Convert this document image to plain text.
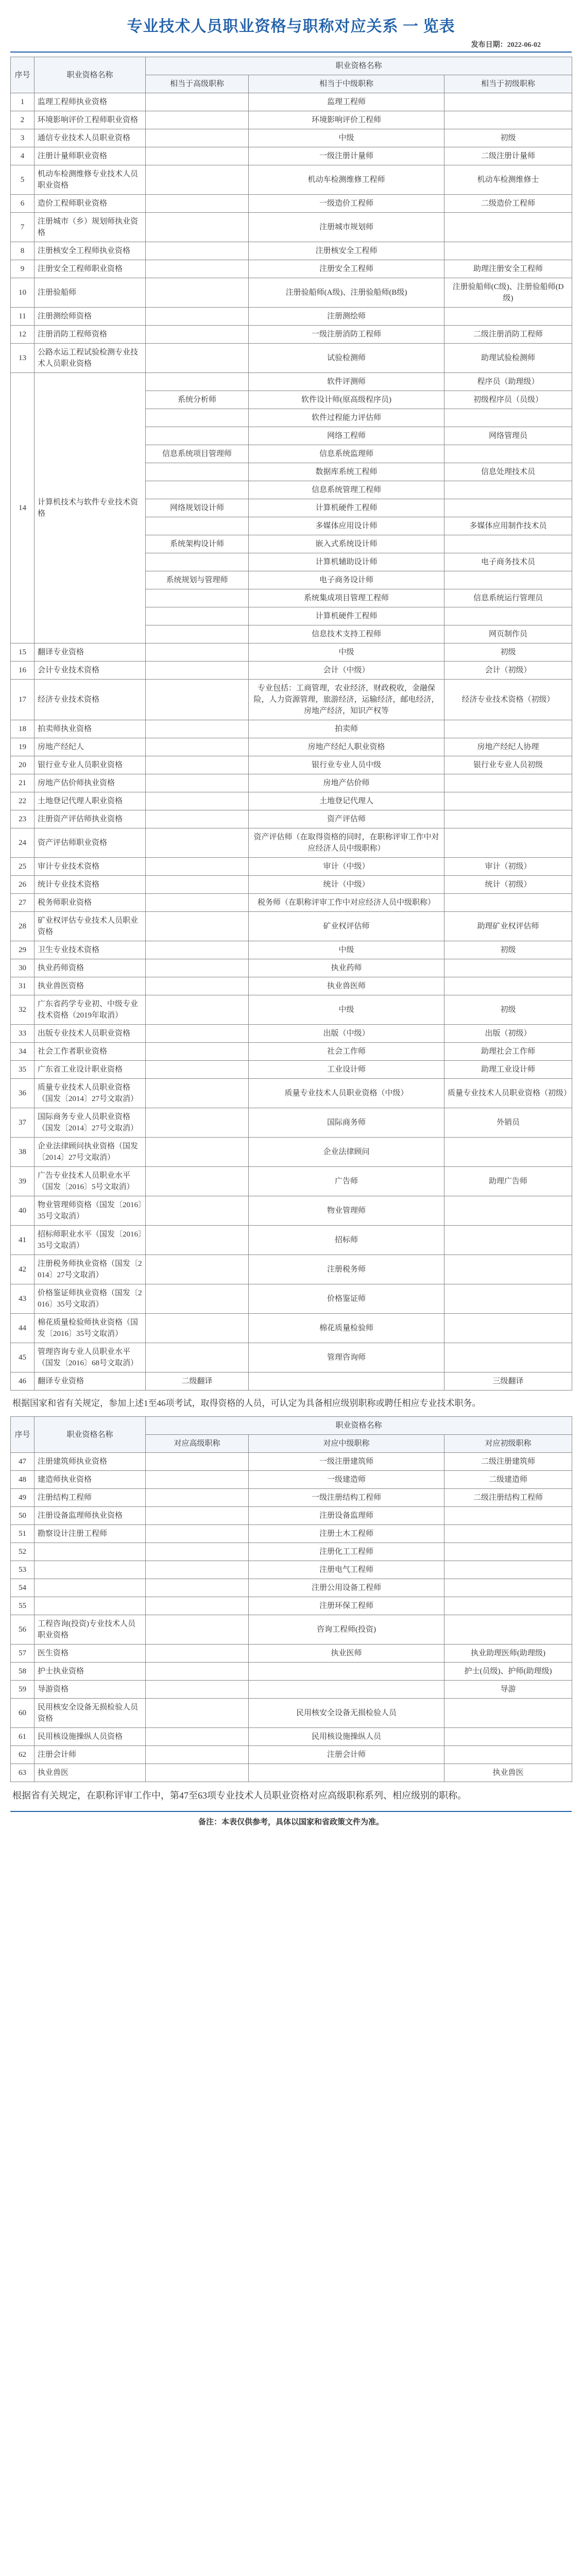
专业技术人员职业资格与职称对应关系 一 览表
发布日期：2022-06-02
序号	职业资格名称	职业资格名称		
		相当于高级职称	相当于中级职称	相当于初级职称
1	监理工程师执业资格		监理工程师	
2	环境影响评价工程师职业资格		环境影响评价工程师	
3	通信专业技术人员职业资格		中级	初级
4	注册计量师职业资格		一级注册计量师	二级注册计量师
5	机动车检测维修专业技术人员职业资格		机动车检测维修工程师	机动车检测维修士
6	造价工程师职业资格		一级造价工程师	二级造价工程师
7	注册城市（乡）规划师执业资格		注册城市规划师	
8	注册核安全工程师执业资格		注册核安全工程师	
9	注册安全工程师职业资格		注册安全工程师	助理注册安全工程师
10	注册验船师		注册验船师(A级)、注册验船师(B级)	注册验船师(C级)、注册验船师(D级)
11	注册测绘师资格		注册测绘师	
12	注册消防工程师资格		一级注册消防工程师	二级注册消防工程师
13	公路水运工程试验检测专业技术人员职业资格		试验检测师	助理试验检测师
14	计算机技术与软件专业技术资格		软件评测师	程序员（助理级）
		系统分析师	软件设计师(原高级程序员)	初级程序员（员级）
			软件过程能力评估师	
			网络工程师	网络管理员
		信息系统项目管理师	信息系统监理师	
			数据库系统工程师	信息处理技术员
			信息系统管理工程师	
		网络规划设计师	计算机硬件工程师	
			多媒体应用设计师	多媒体应用制作技术员
		系统架构设计师	嵌入式系统设计师	
			计算机辅助设计师	电子商务技术员
		系统规划与管理师	电子商务设计师	
			系统集成项目管理工程师	信息系统运行管理员
			计算机硬件工程师	
			信息技术支持工程师	网页制作员
15	翻译专业资格		中级	初级
16	会计专业技术资格		会计（中级）	会计（初级）
17	经济专业技术资格		专业包括：工商管理，农业经济，财政税收，金融保险，人力资源管理，旅游经济，运输经济，邮电经济，房地产经济，知识产权等	经济专业技术资格（初级）
18	拍卖师执业资格		拍卖师	
19	房地产经纪人		房地产经纪人职业资格	房地产经纪人协理
20	银行业专业人员职业资格		银行业专业人员中级	银行业专业人员初级
21	房地产估价师执业资格		房地产估价师	
22	土地登记代理人职业资格		土地登记代理人	
23	注册资产评估师执业资格		资产评估师	
24	资产评估师职业资格		资产评估师（在取得资格的同时，在职称评审工作中对应经济人员中级职称）	
25	审计专业技术资格		审计（中级）	审计（初级）
26	统计专业技术资格		统计（中级）	统计（初级）
27	税务师职业资格		税务师（在职称评审工作中对应经济人员中级职称）	
28	矿业权评估专业技术人员职业资格		矿业权评估师	助理矿业权评估师
29	卫生专业技术资格		中级	初级
30	执业药师资格		执业药师	
31	执业兽医资格		执业兽医师	
32	广东省药学专业初、中级专业技术资格（2019年取消）		中级	初级
33	出版专业技术人员职业资格		出版（中级）	出版（初级）
34	社会工作者职业资格		社会工作师	助理社会工作师
35	广东省工业设计职业资格		工业设计师	助理工业设计师
36	质量专业技术人员职业资格（国发〔2014〕27号文取消）		质量专业技术人员职业资格（中级）	质量专业技术人员职业资格（初级）
37	国际商务专业人员职业资格（国发〔2014〕27号文取消）		国际商务师	外销员
38	企业法律顾问执业资格（国发〔2014〕27号文取消）		企业法律顾问	
39	广告专业技术人员职业水平（国发〔2016〕5号文取消）		广告师	助理广告师
40	物业管理师资格（国发〔2016〕35号文取消）		物业管理师	
41	招标师职业水平（国发〔2016〕35号文取消）		招标师	
42	注册税务师执业资格（国发〔2014〕27号文取消）		注册税务师	
43	价格鉴证师执业资格（国发〔2016〕35号文取消）		价格鉴证师	
44	棉花质量检验师执业资格（国发〔2016〕35号文取消）		棉花质量检验师	
45	管理咨询专业人员职业水平（国发〔2016〕68号文取消）		管理咨询师	
46	翻译专业资格	二级翻译		三级翻译
根据国家和省有关规定，参加上述1至46项考试，取得资格的人员，可认定为具备相应级别职称或聘任相应专业技术职务。
序号	职业资格名称	职业资格名称		
		对应高级职称	对应中级职称	对应初级职称
47	注册建筑师执业资格		一级注册建筑师	二级注册建筑师
48	建造师执业资格		一级建造师	二级建造师
49	注册结构工程师		一级注册结构工程师	二级注册结构工程师
50	注册设备监理师执业资格		注册设备监理师	
51	勘察设计注册工程师		注册土木工程师	
52			注册化工工程师	
53			注册电气工程师	
54			注册公用设备工程师	
55			注册环保工程师	
56	工程咨询(投资)专业技术人员职业资格		咨询工程师(投资)	
57	医生资格		执业医师	执业助理医师(助理级)
58	护士执业资格			护士(员级)、护师(助理级)
59	导游资格			导游
60	民用核安全设备无损检验人员资格		民用核安全设备无损检验人员	
61	民用核设施操纵人员资格		民用核设施操纵人员	
62	注册会计师		注册会计师	
63	执业兽医			执业兽医
根据省有关规定，在职称评审工作中，第47至63项专业技术人员职业资格对应高级职称系列、相应级别的职称。
备注：本表仅供参考，具体以国家和省政策文件为准。
